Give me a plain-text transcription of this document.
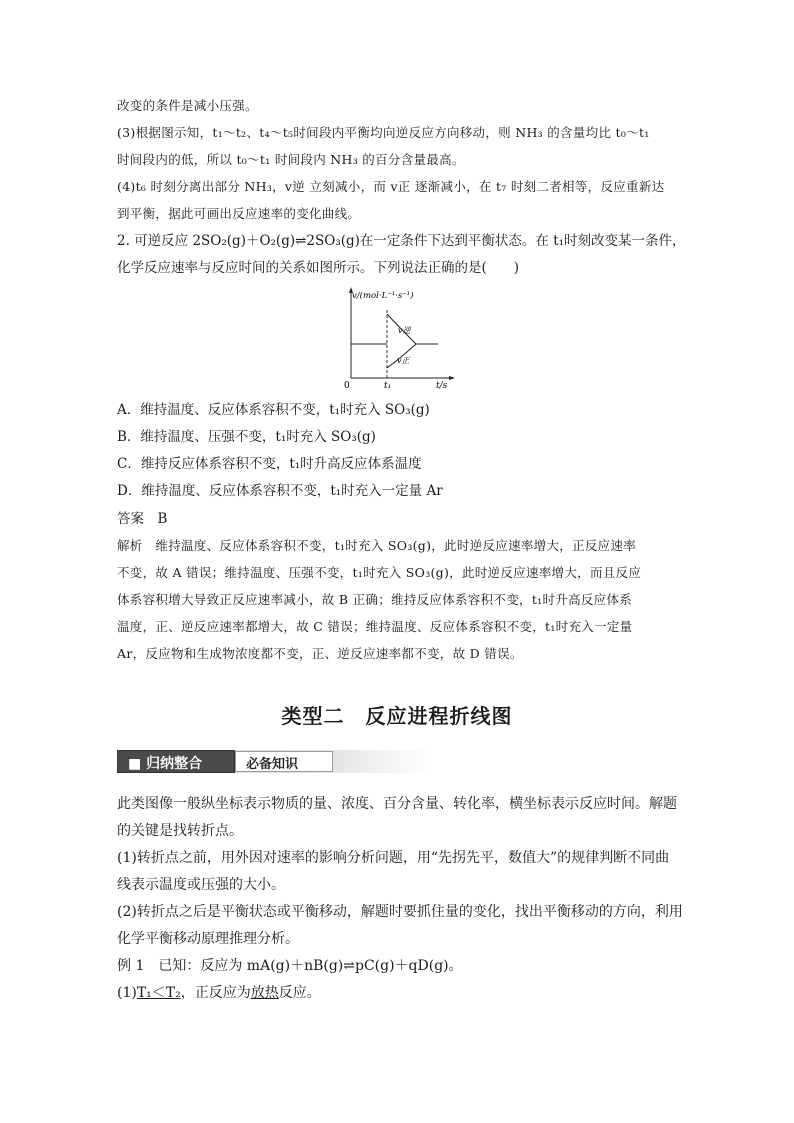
改变的条件是减小压强。
(3)根据图示知，t₁～t₂、t₄～t₅时间段内平衡均向逆反应方向移动，则 NH₃ 的含量均比 t₀～t₁
时间段内的低，所以 t₀～t₁ 时间段内 NH₃ 的百分含量最高。
(4)t₆ 时刻分离出部分 NH₃，v逆 立刻减小，而 v正 逐渐减小，在 t₇ 时刻二者相等，反应重新达
到平衡，据此可画出反应速率的变化曲线。
2. 可逆反应 2SO₂(g)＋O₂(g)⇌2SO₃(g)在一定条件下达到平衡状态。在 t₁时刻改变某一条件，
化学反应速率与反应时间的关系如图所示。下列说法正确的是(　　)
v/(mol·L⁻¹·s⁻¹)
t/s
0	t₁
v逆
v正
A．维持温度、反应体系容积不变，t₁时充入 SO₃(g)
B．维持温度、压强不变，t₁时充入 SO₃(g)
C．维持反应体系容积不变，t₁时升高反应体系温度
D．维持温度、反应体系容积不变，t₁时充入一定量 Ar
答案　B
解析　维持温度、反应体系容积不变，t₁时充入 SO₃(g)，此时逆反应速率增大，正反应速率
不变，故 A 错误；维持温度、压强不变，t₁时充入 SO₃(g)，此时逆反应速率增大，而且反应
体系容积增大导致正反应速率减小，故 B 正确；维持反应体系容积不变，t₁时升高反应体系
温度，正、逆反应速率都增大，故 C 错误；维持温度、反应体系容积不变，t₁时充入一定量
Ar，反应物和生成物浓度都不变，正、逆反应速率都不变，故 D 错误。
类型二　反应进程折线图
■ 归纳整合	必备知识
此类图像一般纵坐标表示物质的量、浓度、百分含量、转化率，横坐标表示反应时间。解题
的关键是找转折点。
(1)转折点之前，用外因对速率的影响分析问题，用“先拐先平，数值大”的规律判断不同曲
线表示温度或压强的大小。
(2)转折点之后是平衡状态或平衡移动，解题时要抓住量的变化，找出平衡移动的方向，利用
化学平衡移动原理推理分析。
例 1　已知：反应为 mA(g)＋nB(g)⇌pC(g)＋qD(g)。
(1)T₁＜T₂，正反应为放热反应。
